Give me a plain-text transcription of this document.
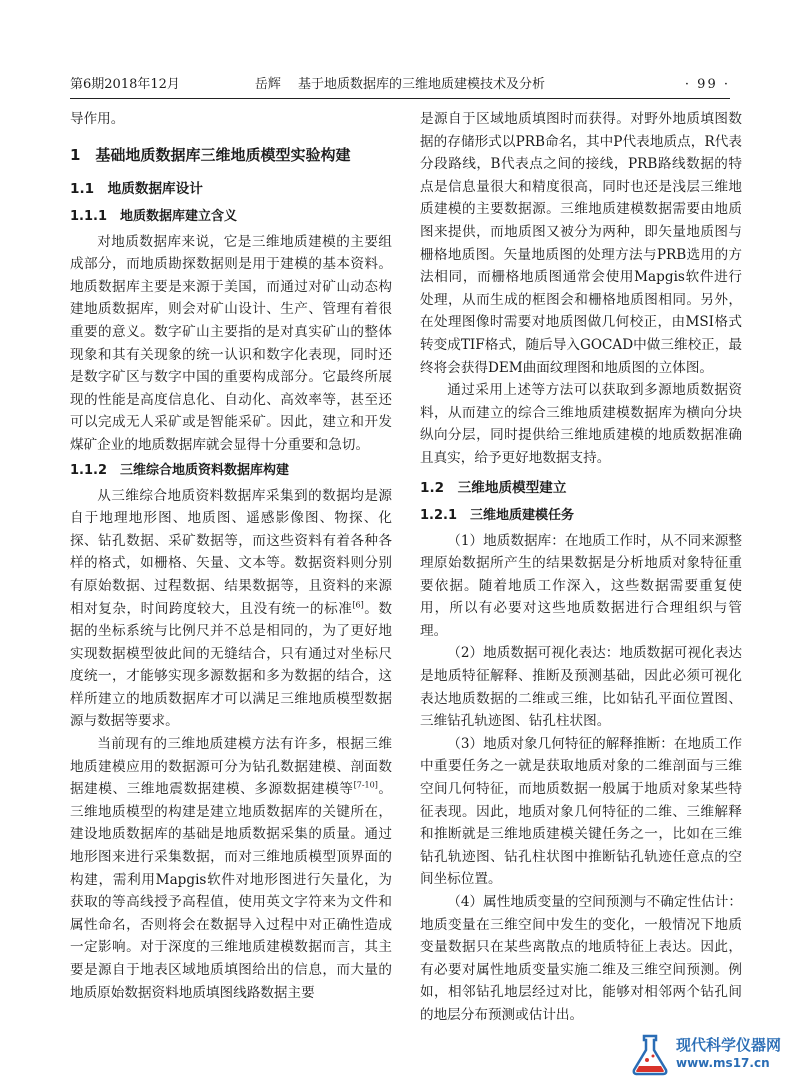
第6期2018年12月	岳辉　 基于地质数据库的三维地质建模技术及分析	· 99 ·

导作用。

1　基础地质数据库三维地质模型实验构建
1.1　地质数据库设计
1.1.1　地质数据库建立含义

对地质数据库来说，它是三维地质建模的主要组成部分，而地质勘探数据则是用于建模的基本资料。地质数据库主要是来源于美国，而通过对矿山动态构建地质数据库，则会对矿山设计、生产、管理有着很重要的意义。数字矿山主要指的是对真实矿山的整体现象和其有关现象的统一认识和数字化表现，同时还是数字矿区与数字中国的重要构成部分。它最终所展现的性能是高度信息化、自动化、高效率等，甚至还可以完成无人采矿或是智能采矿。因此，建立和开发煤矿企业的地质数据库就会显得十分重要和急切。

1.1.2　三维综合地质资料数据库构建

从三维综合地质资料数据库采集到的数据均是源自于地理地形图、地质图、遥感影像图、物探、化探、钻孔数据、采矿数据等，而这些资料有着各种各样的格式，如栅格、矢量、文本等。数据资料则分别有原始数据、过程数据、结果数据等，且资料的来源相对复杂，时间跨度较大，且没有统一的标准[6]。数据的坐标系统与比例尺并不总是相同的，为了更好地实现数据模型彼此间的无缝结合，只有通过对坐标尺度统一，才能够实现多源数据和多为数据的结合，这样所建立的地质数据库才可以满足三维地质模型数据源与数据等要求。

当前现有的三维地质建模方法有许多，根据三维地质建模应用的数据源可分为钻孔数据建模、剖面数据建模、三维地震数据建模、多源数据建模等[7-10]。三维地质模型的构建是建立地质数据库的关键所在，建设地质数据库的基础是地质数据采集的质量。通过地形图来进行采集数据，而对三维地质模型顶界面的构建，需利用Mapgis软件对地形图进行矢量化，为获取的等高线授予高程值，使用英文字符来为文件和属性命名，否则将会在数据导入过程中对正确性造成一定影响。对于深度的三维地质建模数据而言，其主要是源自于地表区域地质填图给出的信息，而大量的地质原始数据资料地质填图线路数据主要

是源自于区域地质填图时而获得。对野外地质填图数据的存储形式以PRB命名，其中P代表地质点，R代表分段路线，B代表点之间的接线，PRB路线数据的特点是信息量很大和精度很高，同时也还是浅层三维地质建模的主要数据源。三维地质建模数据需要由地质图来提供，而地质图又被分为两种，即矢量地质图与栅格地质图。矢量地质图的处理方法与PRB选用的方法相同，而栅格地质图通常会使用Mapgis软件进行处理，从而生成的框图会和栅格地质图相同。另外，在处理图像时需要对地质图做几何校正，由MSI格式转变成TIF格式，随后导入GOCAD中做三维校正，最终将会获得DEM曲面纹理图和地质图的立体图。

通过采用上述等方法可以获取到多源地质数据资料，从而建立的综合三维地质建模数据库为横向分块纵向分层，同时提供给三维地质建模的地质数据准确且真实，给予更好地数据支持。

1.2　三维地质模型建立
1.2.1　三维地质建模任务

（1）地质数据库：在地质工作时，从不同来源整理原始数据所产生的结果数据是分析地质对象特征重要依据。随着地质工作深入，这些数据需要重复使用，所以有必要对这些地质数据进行合理组织与管理。

（2）地质数据可视化表达：地质数据可视化表达是地质特征解释、推断及预测基础，因此必须可视化表达地质数据的二维或三维，比如钻孔平面位置图、三维钻孔轨迹图、钻孔柱状图。

（3）地质对象几何特征的解释推断：在地质工作中重要任务之一就是获取地质对象的二维剖面与三维空间几何特征，而地质数据一般属于地质对象某些特征表现。因此，地质对象几何特征的二维、三维解释和推断就是三维地质建模关键任务之一，比如在三维钻孔轨迹图、钻孔柱状图中推断钻孔轨迹任意点的空间坐标位置。

（4）属性地质变量的空间预测与不确定性估计：地质变量在三维空间中发生的变化，一般情况下地质变量数据只在某些离散点的地质特征上表达。因此，有必要对属性地质变量实施二维及三维空间预测。例如，相邻钻孔地层经过对比，能够对相邻两个钻孔间的地层分布预测或估计出。

现代科学仪器网
www.ms17.cn
